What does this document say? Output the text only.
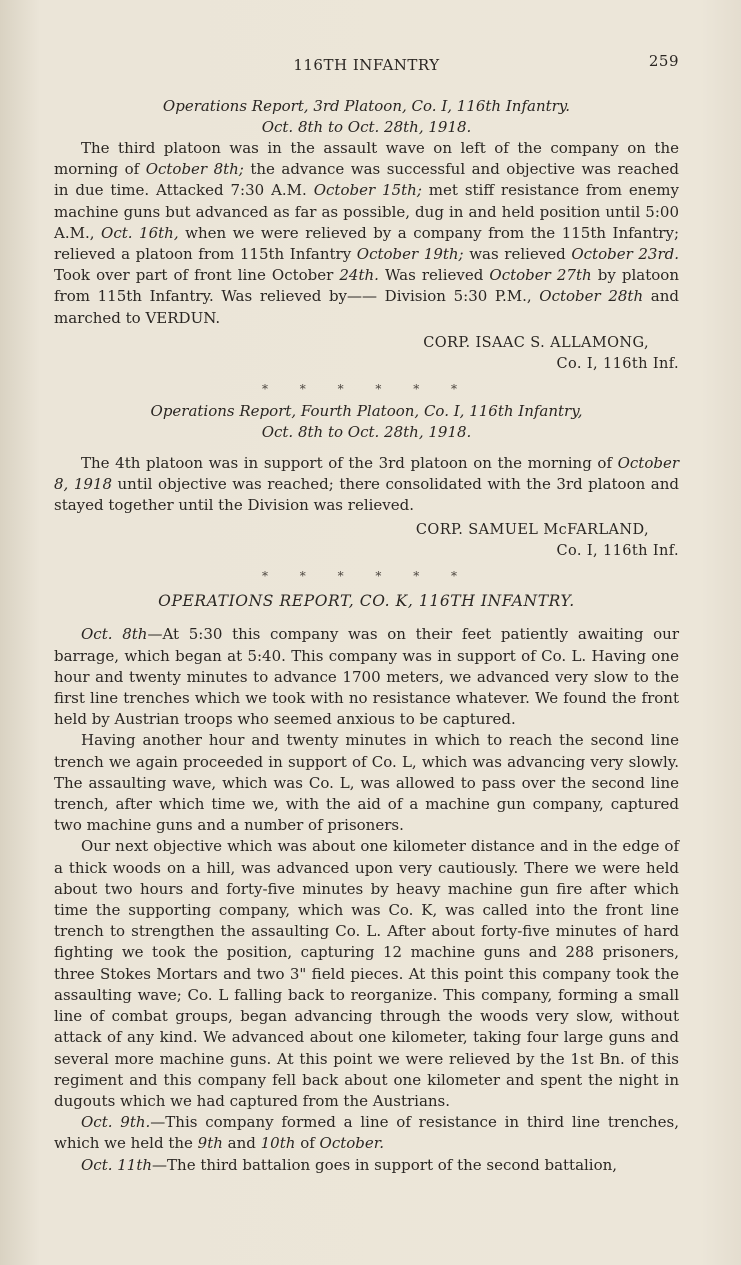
116TH INFANTRY	259
Operations Report, 3rd Platoon, Co. I, 116th Infantry.
Oct. 8th to Oct. 28th, 1918.

The third platoon was in the assault wave on left of the company on the morning of October 8th; the advance was successful and objective was reached in due time. Attacked 7:30 A.M. October 15th; met stiff resistance from enemy machine guns but advanced as far as possible, dug in and held position until 5:00 A.M., Oct. 16th, when we were relieved by a company from the 115th Infantry; relieved a platoon from 115th Infantry October 19th; was relieved October 23rd. Took over part of front line October 24th. Was relieved October 27th by platoon from 115th Infantry. Was relieved by—— Division 5:30 P.M., October 28th and marched to VERDUN.

CORP. ISAAC S. ALLAMONG,
Co. I, 116th Inf.
* * * * * *
Operations Report, Fourth Platoon, Co. I, 116th Infantry,
Oct. 8th to Oct. 28th, 1918.

The 4th platoon was in support of the 3rd platoon on the morning of October 8, 1918 until objective was reached; there consolidated with the 3rd platoon and stayed together until the Division was relieved.

CORP. SAMUEL McFARLAND,
Co. I, 116th Inf.
* * * * * *
OPERATIONS REPORT, CO. K, 116TH INFANTRY.

Oct. 8th—At 5:30 this company was on their feet patiently awaiting our barrage, which began at 5:40. This company was in support of Co. L. Having one hour and twenty minutes to advance 1700 meters, we advanced very slow to the first line trenches which we took with no resistance whatever. We found the front held by Austrian troops who seemed anxious to be captured.

Having another hour and twenty minutes in which to reach the second line trench we again proceeded in support of Co. L, which was advancing very slowly. The assaulting wave, which was Co. L, was allowed to pass over the second line trench, after which time we, with the aid of a machine gun company, captured two machine guns and a number of prisoners.

Our next objective which was about one kilometer distance and in the edge of a thick woods on a hill, was advanced upon very cautiously. There we were held about two hours and forty-five minutes by heavy machine gun fire after which time the supporting company, which was Co. K, was called into the front line trench to strengthen the assaulting Co. L. After about forty-five minutes of hard fighting we took the position, capturing 12 machine guns and 288 prisoners, three Stokes Mortars and two 3" field pieces. At this point this company took the assaulting wave; Co. L falling back to reorganize. This company, forming a small line of combat groups, began advancing through the woods very slow, without attack of any kind. We advanced about one kilometer, taking four large guns and several more machine guns. At this point we were relieved by the 1st Bn. of this regiment and this company fell back about one kilometer and spent the night in dugouts which we had captured from the Austrians.

Oct. 9th.—This company formed a line of resistance in third line trenches, which we held the 9th and 10th of October.

Oct. 11th—The third battalion goes in support of the second battalion,
